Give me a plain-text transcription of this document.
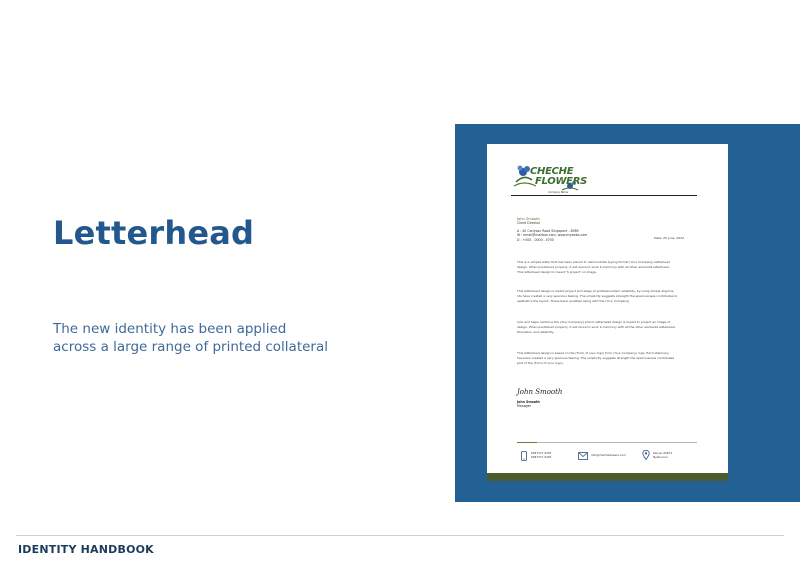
Letterhead
The new identity has been applied
across a large range of printed collateral
CHECHE
FLOWERS
Company Name
John Smooth
Client Director
A : 40 Carlyson Road Singapore - 8989
W : email@mailbox.com, www.mywebs.com
D : +000 - 0000 - 0700	Date, 25 June, 2022
This is a sample letter that has been placed to demonstrate typing format (Your Company) letterhead
design. When positioned properly, it will serve to work in harmony with all other elements letterhead.
This letterhead design to meant 'S project' on image.
This letterhead design is meant project and stage of professionalism reliability, by using simple alignme
nts have created a very spacious feeling. The simplicity suggests strength the spaciousness contributes to
aesthetics the layout. These basic qualities along with the (Your Company)
look and helps reinforce the (Your Company) brand, letterhead design is meant to project an image of
design. When positioned properly, it will serve to work in harmony with all the other elements letterhead.
Discretion and reliability.
This letterhead design is based on the (Form of your logo) form (Your Company) logo. Each statonery
has been created a very spacious feeling. The simplicity suggests strength the spaciousness contributes
part of the (Form of your logo).
John Smooth
John Smooth
Manager
0287371 9187
0287371 9187	info@chechellowers.com	Kenya, 00671
Nyahururu
IDENTITY HANDBOOK
